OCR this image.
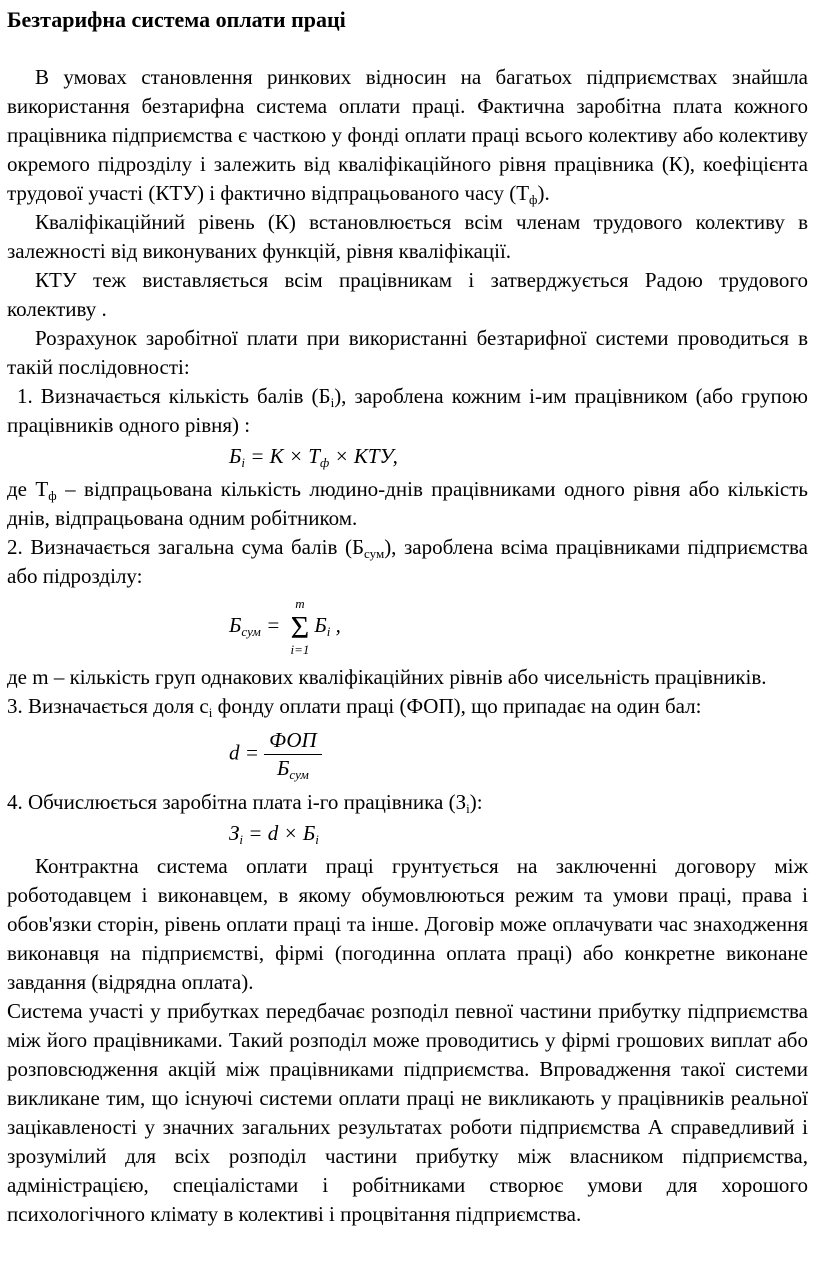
Безтарифна система оплати праці

В умовах становлення ринкових відносин на багатьох підприємствах знайшла використання безтарифна система оплати праці. Фактична заробітна плата кожного працівника підприємства є часткою у фонді оплати праці всього колективу або колективу окремого підрозділу і залежить від кваліфікаційного рівня працівника (К), коефіцієнта трудової участі (КТУ) і фактично відпрацьованого часу $(Т_ф)$.

Кваліфікаційний рівень (К) встановлюється всім членам трудового колективу в залежності від виконуваних функцій, рівня кваліфікації.

КТУ теж виставляється всім працівникам і затверджується Радою трудового колективу .

Розрахунок заробітної плати при використанні безтарифної системи проводиться в такій послідовності:

1. Визначається кількість балів $(Б_і)$, зароблена кожним і-им працівником (або групою працівників одного рівня) :

$Б_і = К \times Т_ф$ × КТУ,

де $Т_ф$ – відпрацьована кількість людино-днів працівниками одного рівня або кількість днів, відпрацьована одним робітником.

2. Визначається загальна сума балів $(Б_{сум})$, зароблена всіма працівниками підприємства або підрозділу:

$Б_{сум}$ =
m
Σ
i=1
$Б_і$ ,

де m – кількість груп однакових кваліфікаційних рівнів або чисельність працівників.

3. Визначається доля $с_і$ фонду оплати праці (ФОП), що припадає на один бал:

$d = \frac{\text{ФОП}}{Б_{сум}}$

4. Обчислюється заробітна плата і-го працівника $(З_і)$:

$З_і = d \times Б_і$

Контрактна система оплати праці грунтується на заключенні договору між роботодавцем і виконавцем, в якому обумовлюються режим та умови праці, права і обов'язки сторін, рівень оплати праці та інше. Договір може оплачувати час знаходження виконавця на підприємстві, фірмі (погодинна оплата праці) або конкретне виконане завдання (відрядна оплата).

Система участі у прибутках передбачає розподіл певної частини прибутку підприємства між його працівниками. Такий розподіл може проводитись у фірмі грошових виплат або розповсюдження акцій між працівниками підприємства. Впровадження такої системи викликане тим, що існуючі системи оплати праці не викликають у працівників реальної зацікавленості у значних загальних результатах роботи підприємства А справедливий і зрозумілий для всіх розподіл частини прибутку між власником підприємства, адміністрацією, спеціалістами і робітниками створює умови для хорошого психологічного клімату в колективі і процвітання підприємства.
